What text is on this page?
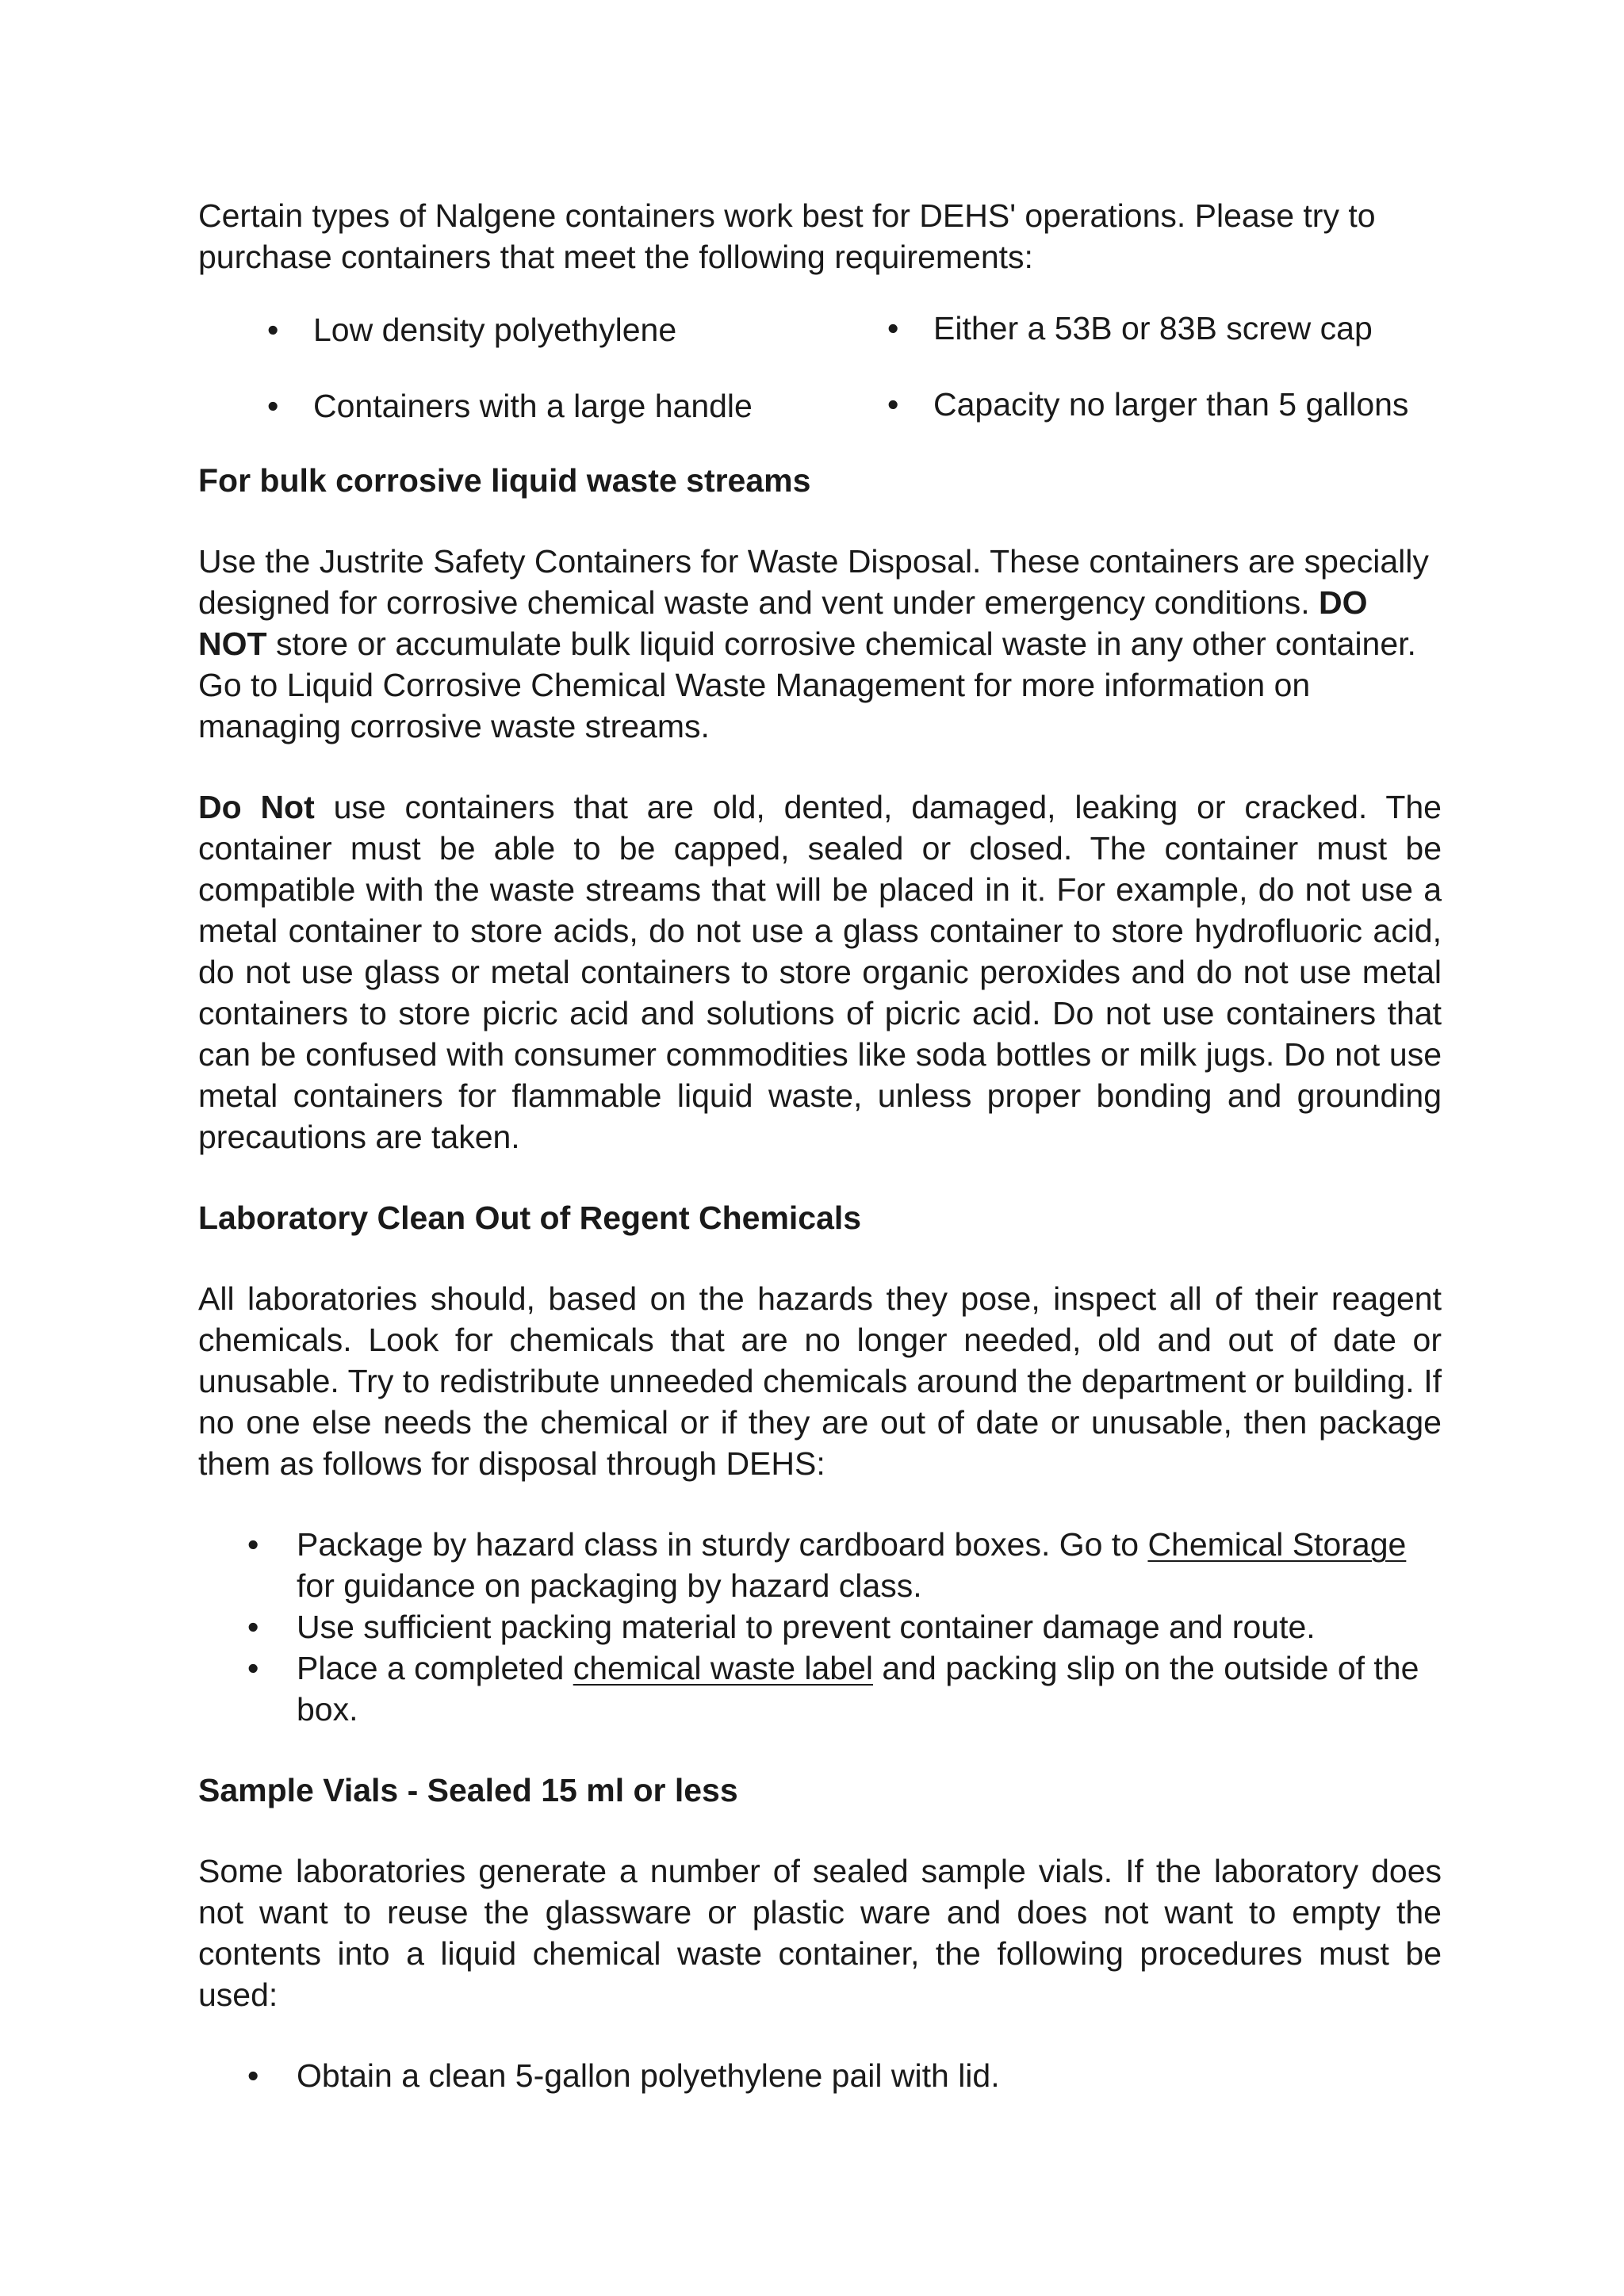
Certain types of Nalgene containers work best for DEHS' operations. Please try to purchase containers that meet the following requirements:

• Low density polyethylene	• Either a 53B or 83B screw cap
• Containers with a large handle	• Capacity no larger than 5 gallons

For bulk corrosive liquid waste streams

Use the Justrite Safety Containers for Waste Disposal. These containers are specially designed for corrosive chemical waste and vent under emergency conditions. DO NOT store or accumulate bulk liquid corrosive chemical waste in any other container. Go to Liquid Corrosive Chemical Waste Management for more information on managing corrosive waste streams.

Do Not use containers that are old, dented, damaged, leaking or cracked. The container must be able to be capped, sealed or closed. The container must be compatible with the waste streams that will be placed in it. For example, do not use a metal container to store acids, do not use a glass container to store hydrofluoric acid, do not use glass or metal containers to store organic peroxides and do not use metal containers to store picric acid and solutions of picric acid. Do not use containers that can be confused with consumer commodities like soda bottles or milk jugs. Do not use metal containers for flammable liquid waste, unless proper bonding and grounding precautions are taken.

Laboratory Clean Out of Regent Chemicals

All laboratories should, based on the hazards they pose, inspect all of their reagent chemicals. Look for chemicals that are no longer needed, old and out of date or unusable. Try to redistribute unneeded chemicals around the department or building. If no one else needs the chemical or if they are out of date or unusable, then package them as follows for disposal through DEHS:

• Package by hazard class in sturdy cardboard boxes. Go to Chemical Storage for guidance on packaging by hazard class.
• Use sufficient packing material to prevent container damage and route.
• Place a completed chemical waste label and packing slip on the outside of the box.

Sample Vials - Sealed 15 ml or less

Some laboratories generate a number of sealed sample vials. If the laboratory does not want to reuse the glassware or plastic ware and does not want to empty the contents into a liquid chemical waste container, the following procedures must be used:

• Obtain a clean 5-gallon polyethylene pail with lid.
